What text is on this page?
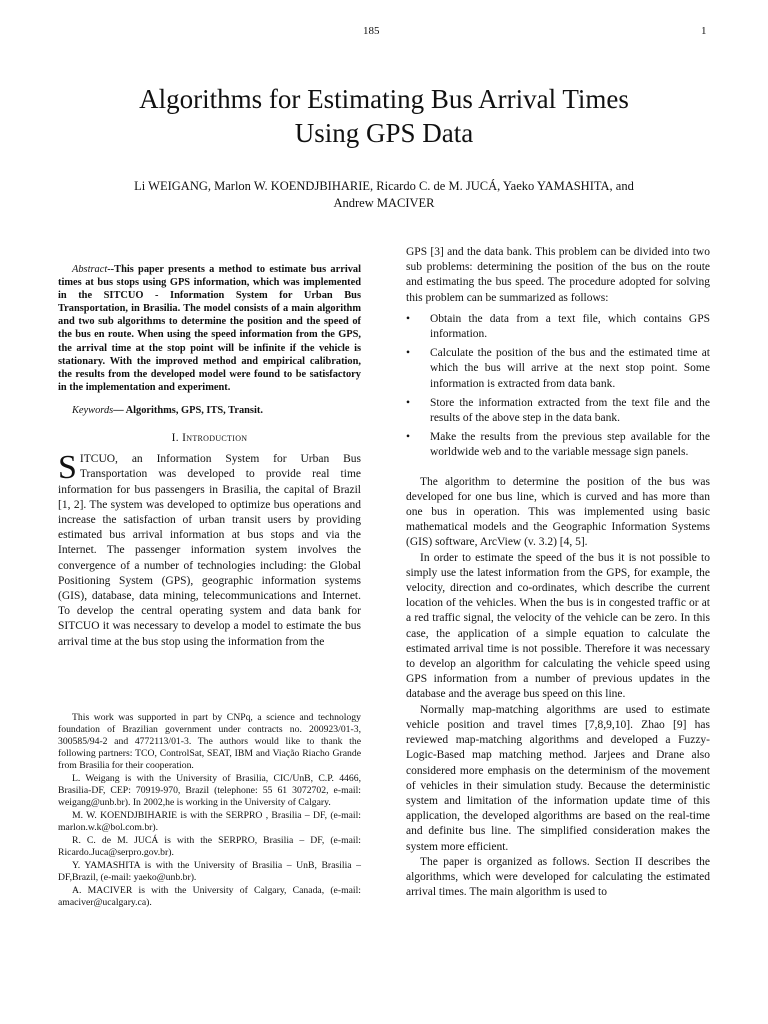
185	1
Algorithms for Estimating Bus Arrival Times
Using GPS Data
Li WEIGANG, Marlon W. KOENDJBIHARIE, Ricardo C. de M. JUCÁ, Yaeko YAMASHITA, and
Andrew MACIVER

Abstract--This paper presents a method to estimate bus arrival times at bus stops using GPS information, which was implemented in the SITCUO - Information System for Urban Bus Transportation, in Brasilia. The model consists of a main algorithm and two sub algorithms to determine the position and the speed of the bus en route. When using the speed information from the GPS, the arrival time at the stop point will be infinite if the vehicle is stationary. With the improved method and empirical calibration, the results from the developed model were found to be satisfactory in the implementation and experiment.

Keywords— Algorithms, GPS, ITS, Transit.

I. Introduction

SITCUO, an Information System for Urban Bus Transportation was developed to provide real time information for bus passengers in Brasilia, the capital of Brazil [1, 2]. The system was developed to optimize bus operations and increase the satisfaction of urban transit users by providing estimated bus arrival information at bus stops and via the Internet. The passenger information system involves the convergence of a number of technologies including: the Global Positioning System (GPS), geographic information systems (GIS), database, data mining, telecommunications and Internet. To develop the central operating system and data bank for SITCUO it was necessary to develop a model to estimate the bus arrival time at the bus stop using the information from the

This work was supported in part by CNPq, a science and technology foundation of Brazilian government under contracts no. 200923/01-3, 300585/94-2 and 4772113/01-3. The authors would like to thank the following partners: TCO, ControlSat, SEAT, IBM and Viação Riacho Grande from Brasilia for their cooperation.

L. Weigang is with the University of Brasilia, CIC/UnB, C.P. 4466, Brasilia-DF, CEP: 70919-970, Brazil (telephone: 55 61 3072702, e-mail: weigang@unb.br). In 2002,he is working in the University of Calgary.

M. W. KOENDJBIHARIE is with the SERPRO , Brasilia – DF, (e-mail: marlon.w.k@bol.com.br).

R. C. de M. JUCÁ is with the SERPRO, Brasilia – DF, (e-mail: Ricardo.Juca@serpro.gov.br).

Y. YAMASHITA is with the University of Brasilia – UnB, Brasilia – DF,Brazil, (e-mail: yaeko@unb.br).

A. MACIVER is with the University of Calgary, Canada, (e-mail: amaciver@ucalgary.ca).

GPS [3] and the data bank. This problem can be divided into two sub problems: determining the position of the bus on the route and estimating the bus speed. The procedure adopted for solving this problem can be summarized as follows:

• Obtain the data from a text file, which contains GPS information.
• Calculate the position of the bus and the estimated time at which the bus will arrive at the next stop point. Some information is extracted from data bank.
• Store the information extracted from the text file and the results of the above step in the data bank.
• Make the results from the previous step available for the worldwide web and to the variable message sign panels.

The algorithm to determine the position of the bus was developed for one bus line, which is curved and has more than one bus in operation. This was implemented using basic mathematical models and the Geographic Information Systems (GIS) software, ArcView (v. 3.2) [4, 5].

In order to estimate the speed of the bus it is not possible to simply use the latest information from the GPS, for example, the velocity, direction and co-ordinates, which describe the current location of the vehicles. When the bus is in congested traffic or at a red traffic signal, the velocity of the vehicle can be zero. In this case, the application of a simple equation to calculate the estimated arrival time is not possible. Therefore it was necessary to develop an algorithm for calculating the vehicle speed using GPS information from a number of previous updates in the database and the average bus speed on this line.

Normally map-matching algorithms are used to estimate vehicle position and travel times [7,8,9,10]. Zhao [9] has reviewed map-matching algorithms and developed a Fuzzy-Logic-Based map matching method. Jarjees and Drane also considered more emphasis on the determinism of the movement of vehicles in their simulation study. Because the deterministic system and limitation of the information update time of this application, the developed algorithms are based on the real-time and definite bus line. The simplified consideration makes the system more efficient.

The paper is organized as follows. Section II describes the algorithms, which were developed for calculating the estimated arrival times. The main algorithm is used to
